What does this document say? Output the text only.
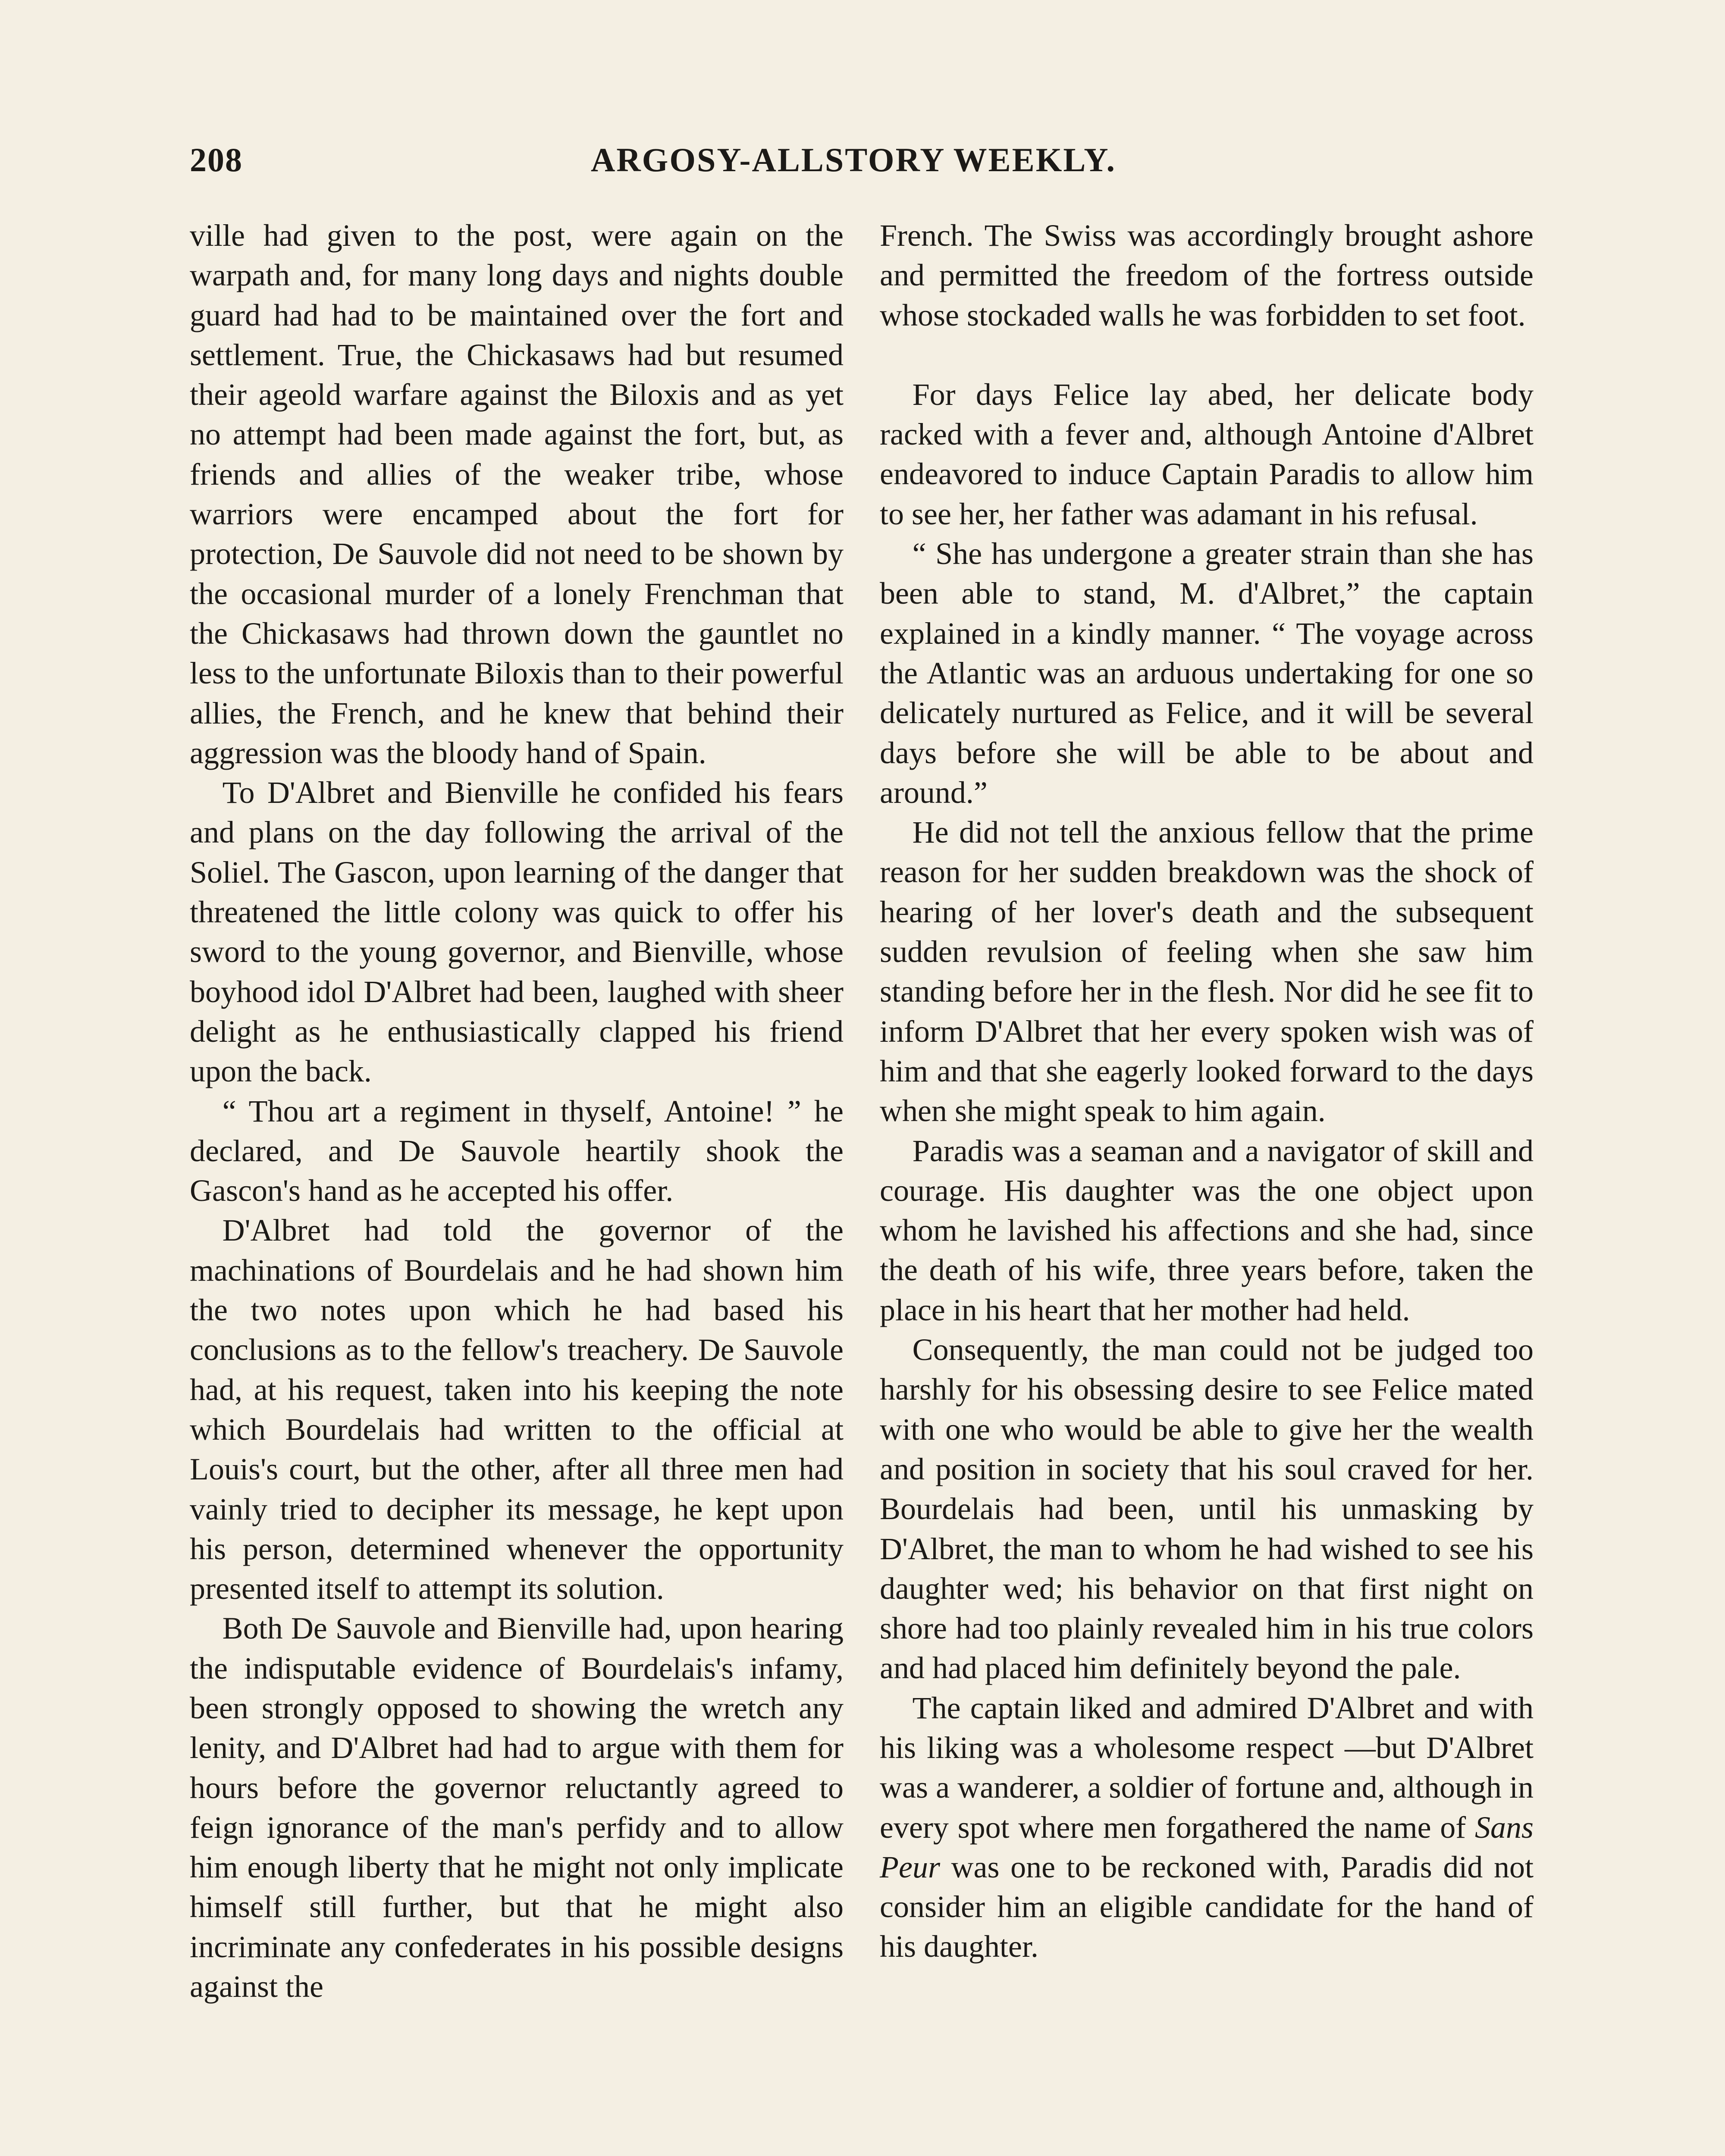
208	ARGOSY-ALLSTORY WEEKLY.

ville had given to the post, were again on the warpath and, for many long days and nights double guard had had to be maintained over the fort and settlement. True, the Chickasaws had but resumed their ageold warfare against the Biloxis and as yet no attempt had been made against the fort, but, as friends and allies of the weaker tribe, whose warriors were encamped about the fort for protection, De Sauvole did not need to be shown by the occasional murder of a lonely Frenchman that the Chickasaws had thrown down the gauntlet no less to the unfortunate Biloxis than to their powerful allies, the French, and he knew that behind their aggression was the bloody hand of Spain.

To D'Albret and Bienville he confided his fears and plans on the day following the arrival of the Soliel. The Gascon, upon learning of the danger that threatened the little colony was quick to offer his sword to the young governor, and Bienville, whose boyhood idol D'Albret had been, laughed with sheer delight as he enthusiastically clapped his friend upon the back.

“ Thou art a regiment in thyself, Antoine! ” he declared, and De Sauvole heartily shook the Gascon's hand as he accepted his offer.

D'Albret had told the governor of the machinations of Bourdelais and he had shown him the two notes upon which he had based his conclusions as to the fellow's treachery. De Sauvole had, at his request, taken into his keeping the note which Bourdelais had written to the official at Louis's court, but the other, after all three men had vainly tried to decipher its message, he kept upon his person, determined whenever the opportunity presented itself to attempt its solution.

Both De Sauvole and Bienville had, upon hearing the indisputable evidence of Bourdelais's infamy, been strongly opposed to showing the wretch any lenity, and D'Albret had had to argue with them for hours before the governor reluctantly agreed to feign ignorance of the man's perfidy and to allow him enough liberty that he might not only implicate himself still further, but that he might also incriminate any confederates in his possible designs against the

French. The Swiss was accordingly brought ashore and permitted the freedom of the fortress outside whose stockaded walls he was forbidden to set foot.

For days Felice lay abed, her delicate body racked with a fever and, although Antoine d'Albret endeavored to induce Captain Paradis to allow him to see her, her father was adamant in his refusal.

“ She has undergone a greater strain than she has been able to stand, M. d'Albret,” the captain explained in a kindly manner. “ The voyage across the Atlantic was an arduous undertaking for one so delicately nurtured as Felice, and it will be several days before she will be able to be about and around.”

He did not tell the anxious fellow that the prime reason for her sudden breakdown was the shock of hearing of her lover's death and the subsequent sudden revulsion of feeling when she saw him standing before her in the flesh. Nor did he see fit to inform D'Albret that her every spoken wish was of him and that she eagerly looked forward to the days when she might speak to him again.

Paradis was a seaman and a navigator of skill and courage. His daughter was the one object upon whom he lavished his affections and she had, since the death of his wife, three years before, taken the place in his heart that her mother had held.

Consequently, the man could not be judged too harshly for his obsessing desire to see Felice mated with one who would be able to give her the wealth and position in society that his soul craved for her. Bourdelais had been, until his unmasking by D'Albret, the man to whom he had wished to see his daughter wed; his behavior on that first night on shore had too plainly revealed him in his true colors and had placed him definitely beyond the pale.

The captain liked and admired D'Albret and with his liking was a wholesome respect —but D'Albret was a wanderer, a soldier of fortune and, although in every spot where men forgathered the name of Sans Peur was one to be reckoned with, Paradis did not consider him an eligible candidate for the hand of his daughter.
